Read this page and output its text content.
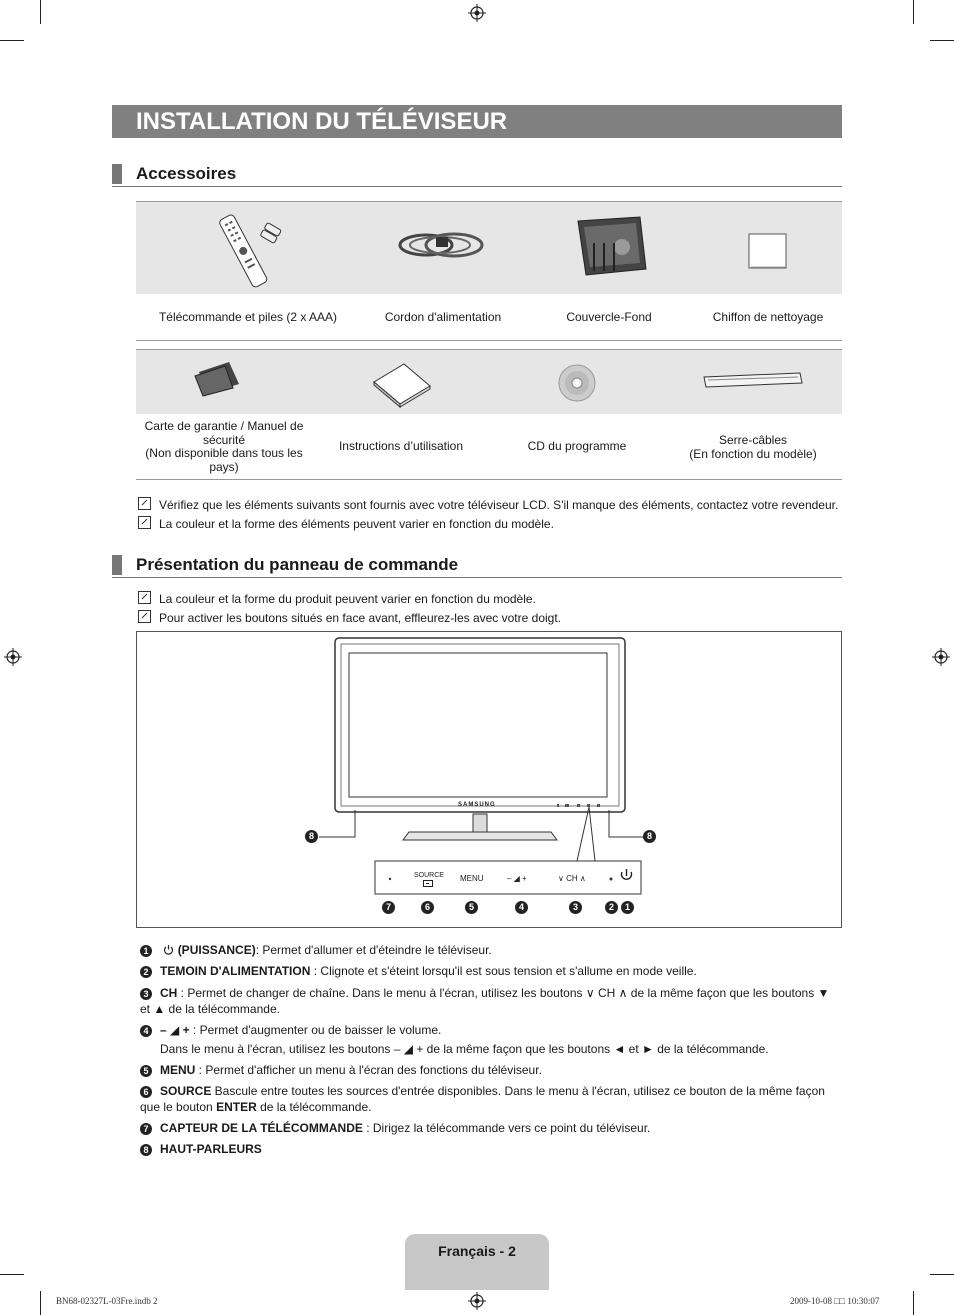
INSTALLATION DU TÉLÉVISEUR
Accessoires
Télécommande et piles (2 x AAA)	Cordon d'alimentation	Couvercle-Fond	Chiffon de nettoyage
Carte de garantie / Manuel de sécurité
(Non disponible dans tous les pays)
Instructions d’utilisation	CD du programme	Serre-câbles
(En fonction du modèle)
Vérifiez que les éléments suivants sont fournis avec votre téléviseur LCD. S'il manque des éléments, contactez votre revendeur.
La couleur et la forme des éléments peuvent varier en fonction du modèle.
Présentation du panneau de commande
La couleur et la forme du produit peuvent varier en fonction du modèle.
Pour activer les boutons situés en face avant, effleurez-les avec votre doigt.
SAMSUNG
SOURCE MENU	– ◢ +	∨ CH ∧
8	8
7	6	5	4	3	2	1
1 (PUISSANCE): Permet d'allumer et d'éteindre le téléviseur.
2 TEMOIN D'ALIMENTATION : Clignote et s'éteint lorsqu'il est sous tension et s'allume en mode veille.
3 CH : Permet de changer de chaîne. Dans le menu à l'écran, utilisez les boutons ∨ CH ∧ de la même façon que les boutons ▼ et ▲ de la télécommande.
4 – ◢ + : Permet d'augmenter ou de baisser le volume.
Dans le menu à l'écran, utilisez les boutons – ◢ + de la même façon que les boutons ◄ et ► de la télécommande.
5 MENU : Permet d'afficher un menu à l'écran des fonctions du téléviseur.
6 SOURCE Bascule entre toutes les sources d'entrée disponibles. Dans le menu à l'écran, utilisez ce bouton de la même façon que le bouton ENTER de la télécommande.
7 CAPTEUR DE LA TÉLÉCOMMANDE : Dirigez la télécommande vers ce point du téléviseur.
8 HAUT-PARLEURS
Français - 2
BN68-02327L-03Fre.indb 2	2009-10-08 □□ 10:30:07
